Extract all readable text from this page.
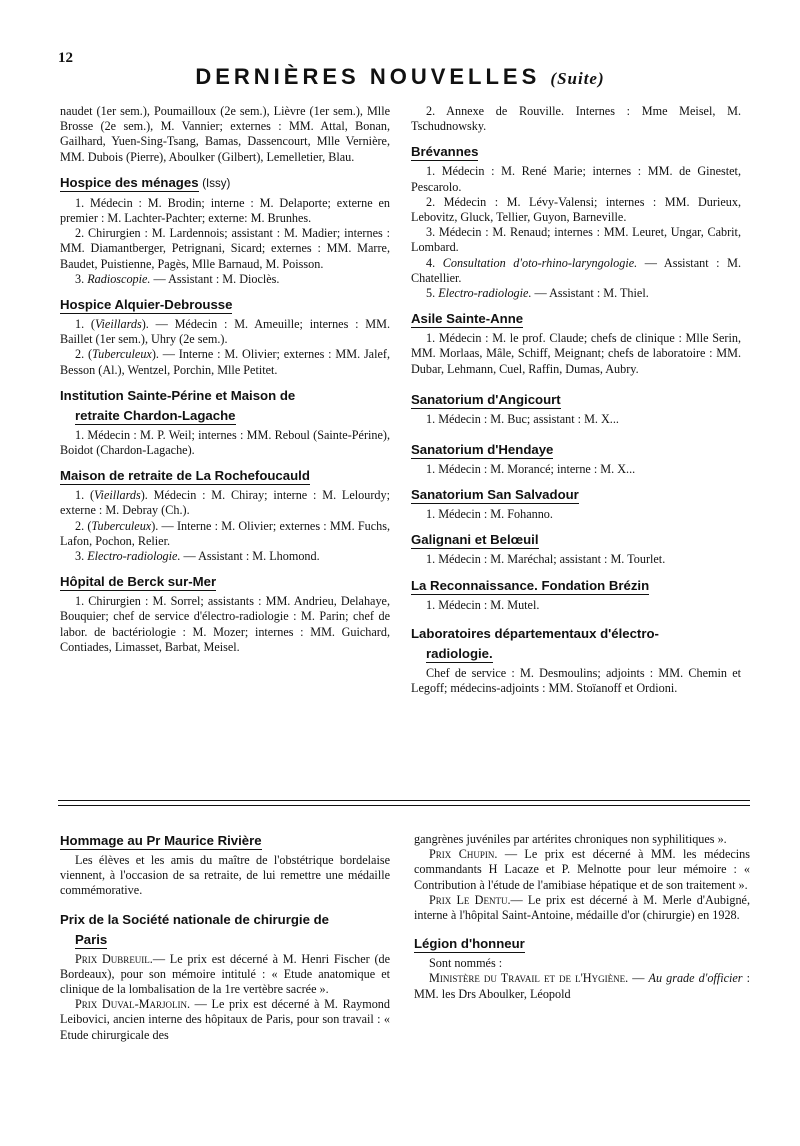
12
DERNIÈRES NOUVELLES (Suite)

naudet (1er sem.), Poumailloux (2e sem.), Lièvre (1er sem.), Mlle Brosse (2e sem.), M. Vannier; externes : MM. Attal, Bonan, Gailhard, Yuen-Sing-Tsang, Bamas, Dassencourt, Mlle Vernière, MM. Dubois (Pierre), Aboulker (Gilbert), Lemelletier, Blau.

Hospice des ménages (Issy)

1. Médecin : M. Brodin; interne : M. Delaporte; externe en premier : M. Lachter-Pachter; externe: M. Brunhes.

2. Chirurgien : M. Lardennois; assistant : M. Madier; internes : MM. Diamantberger, Petrignani, Sicard; externes : MM. Marre, Baudet, Puistienne, Pagès, Mlle Barnaud, M. Poisson.

3. Radioscopie. — Assistant : M. Dioclès.

Hospice Alquier-Debrousse

1. (Vieillards). — Médecin : M. Ameuille; internes : MM. Baillet (1er sem.), Uhry (2e sem.).

2. (Tuberculeux). — Interne : M. Olivier; externes : MM. Jalef, Besson (Al.), Wentzel, Porchin, Mlle Petitet.

Institution Sainte-Périne et Maison de
retraite Chardon-Lagache

1. Médecin : M. P. Weil; internes : MM. Reboul (Sainte-Périne), Boidot (Chardon-Lagache).

Maison de retraite de La Rochefoucauld

1. (Vieillards). Médecin : M. Chiray; interne : M. Lelourdy; externe : M. Debray (Ch.).

2. (Tuberculeux). — Interne : M. Olivier; externes : MM. Fuchs, Lafon, Pochon, Relier.

3. Electro-radiologie. — Assistant : M. Lhomond.

Hôpital de Berck sur-Mer

1. Chirurgien : M. Sorrel; assistants : MM. Andrieu, Delahaye, Bouquier; chef de service d'électro-radiologie : M. Parin; chef de labor. de bactériologie : M. Mozer; internes : MM. Guichard, Contiades, Limasset, Barbat, Meisel.

2. Annexe de Rouville. Internes : Mme Meisel, M. Tschudnowsky.

Brévannes

1. Médecin : M. René Marie; internes : MM. de Ginestet, Pescarolo.

2. Médecin : M. Lévy-Valensi; internes : MM. Durieux, Lebovitz, Gluck, Tellier, Guyon, Barneville.

3. Médecin : M. Renaud; internes : MM. Leuret, Ungar, Cabrit, Lombard.

4. Consultation d'oto-rhino-laryngologie. — Assistant : M. Chatellier.

5. Electro-radiologie. — Assistant : M. Thiel.

Asile Sainte-Anne

1. Médecin : M. le prof. Claude; chefs de clinique : Mlle Serin, MM. Morlaas, Mâle, Schiff, Meignant; chefs de laboratoire : MM. Dubar, Lehmann, Cuel, Raffin, Dumas, Aubry.

Sanatorium d'Angicourt

1. Médecin : M. Buc; assistant : M. X...

Sanatorium d'Hendaye

1. Médecin : M. Morancé; interne : M. X...

Sanatorium San Salvadour

1. Médecin : M. Fohanno.

Galignani et Belœuil

1. Médecin : M. Maréchal; assistant : M. Tourlet.

La Reconnaissance. Fondation Brézin

1. Médecin : M. Mutel.

Laboratoires départementaux d'électro-
radiologie.

Chef de service : M. Desmoulins; adjoints : MM. Chemin et Legoff; médecins-adjoints : MM. Stoïanoff et Ordioni.

Hommage au Pr Maurice Rivière

Les élèves et les amis du maître de l'obstétrique bordelaise viennent, à l'occasion de sa retraite, de lui remettre une médaille commémorative.

Prix de la Société nationale de chirurgie de
Paris

Prix Dubreuil.— Le prix est décerné à M. Henri Fischer (de Bordeaux), pour son mémoire intitulé : « Etude anatomique et clinique de la lombalisation de la 1re vertèbre sacrée ».

Prix Duval-Marjolin. — Le prix est décerné à M. Raymond Leibovici, ancien interne des hôpitaux de Paris, pour son travail : « Etude chirurgicale des

gangrènes juvéniles par artérites chroniques non syphilitiques ».

Prix Chupin. — Le prix est décerné à MM. les médecins commandants H Lacaze et P. Melnotte pour leur mémoire : « Contribution à l'étude de l'amibiase hépatique et de son traitement ».

Prix Le Dentu.— Le prix est décerné à M. Merle d'Aubigné, interne à l'hôpital Saint-Antoine, médaille d'or (chirurgie) en 1928.

Légion d'honneur

Sont nommés :

Ministère du Travail et de l'Hygiène. — Au grade d'officier : MM. les Drs Aboulker, Léopold
